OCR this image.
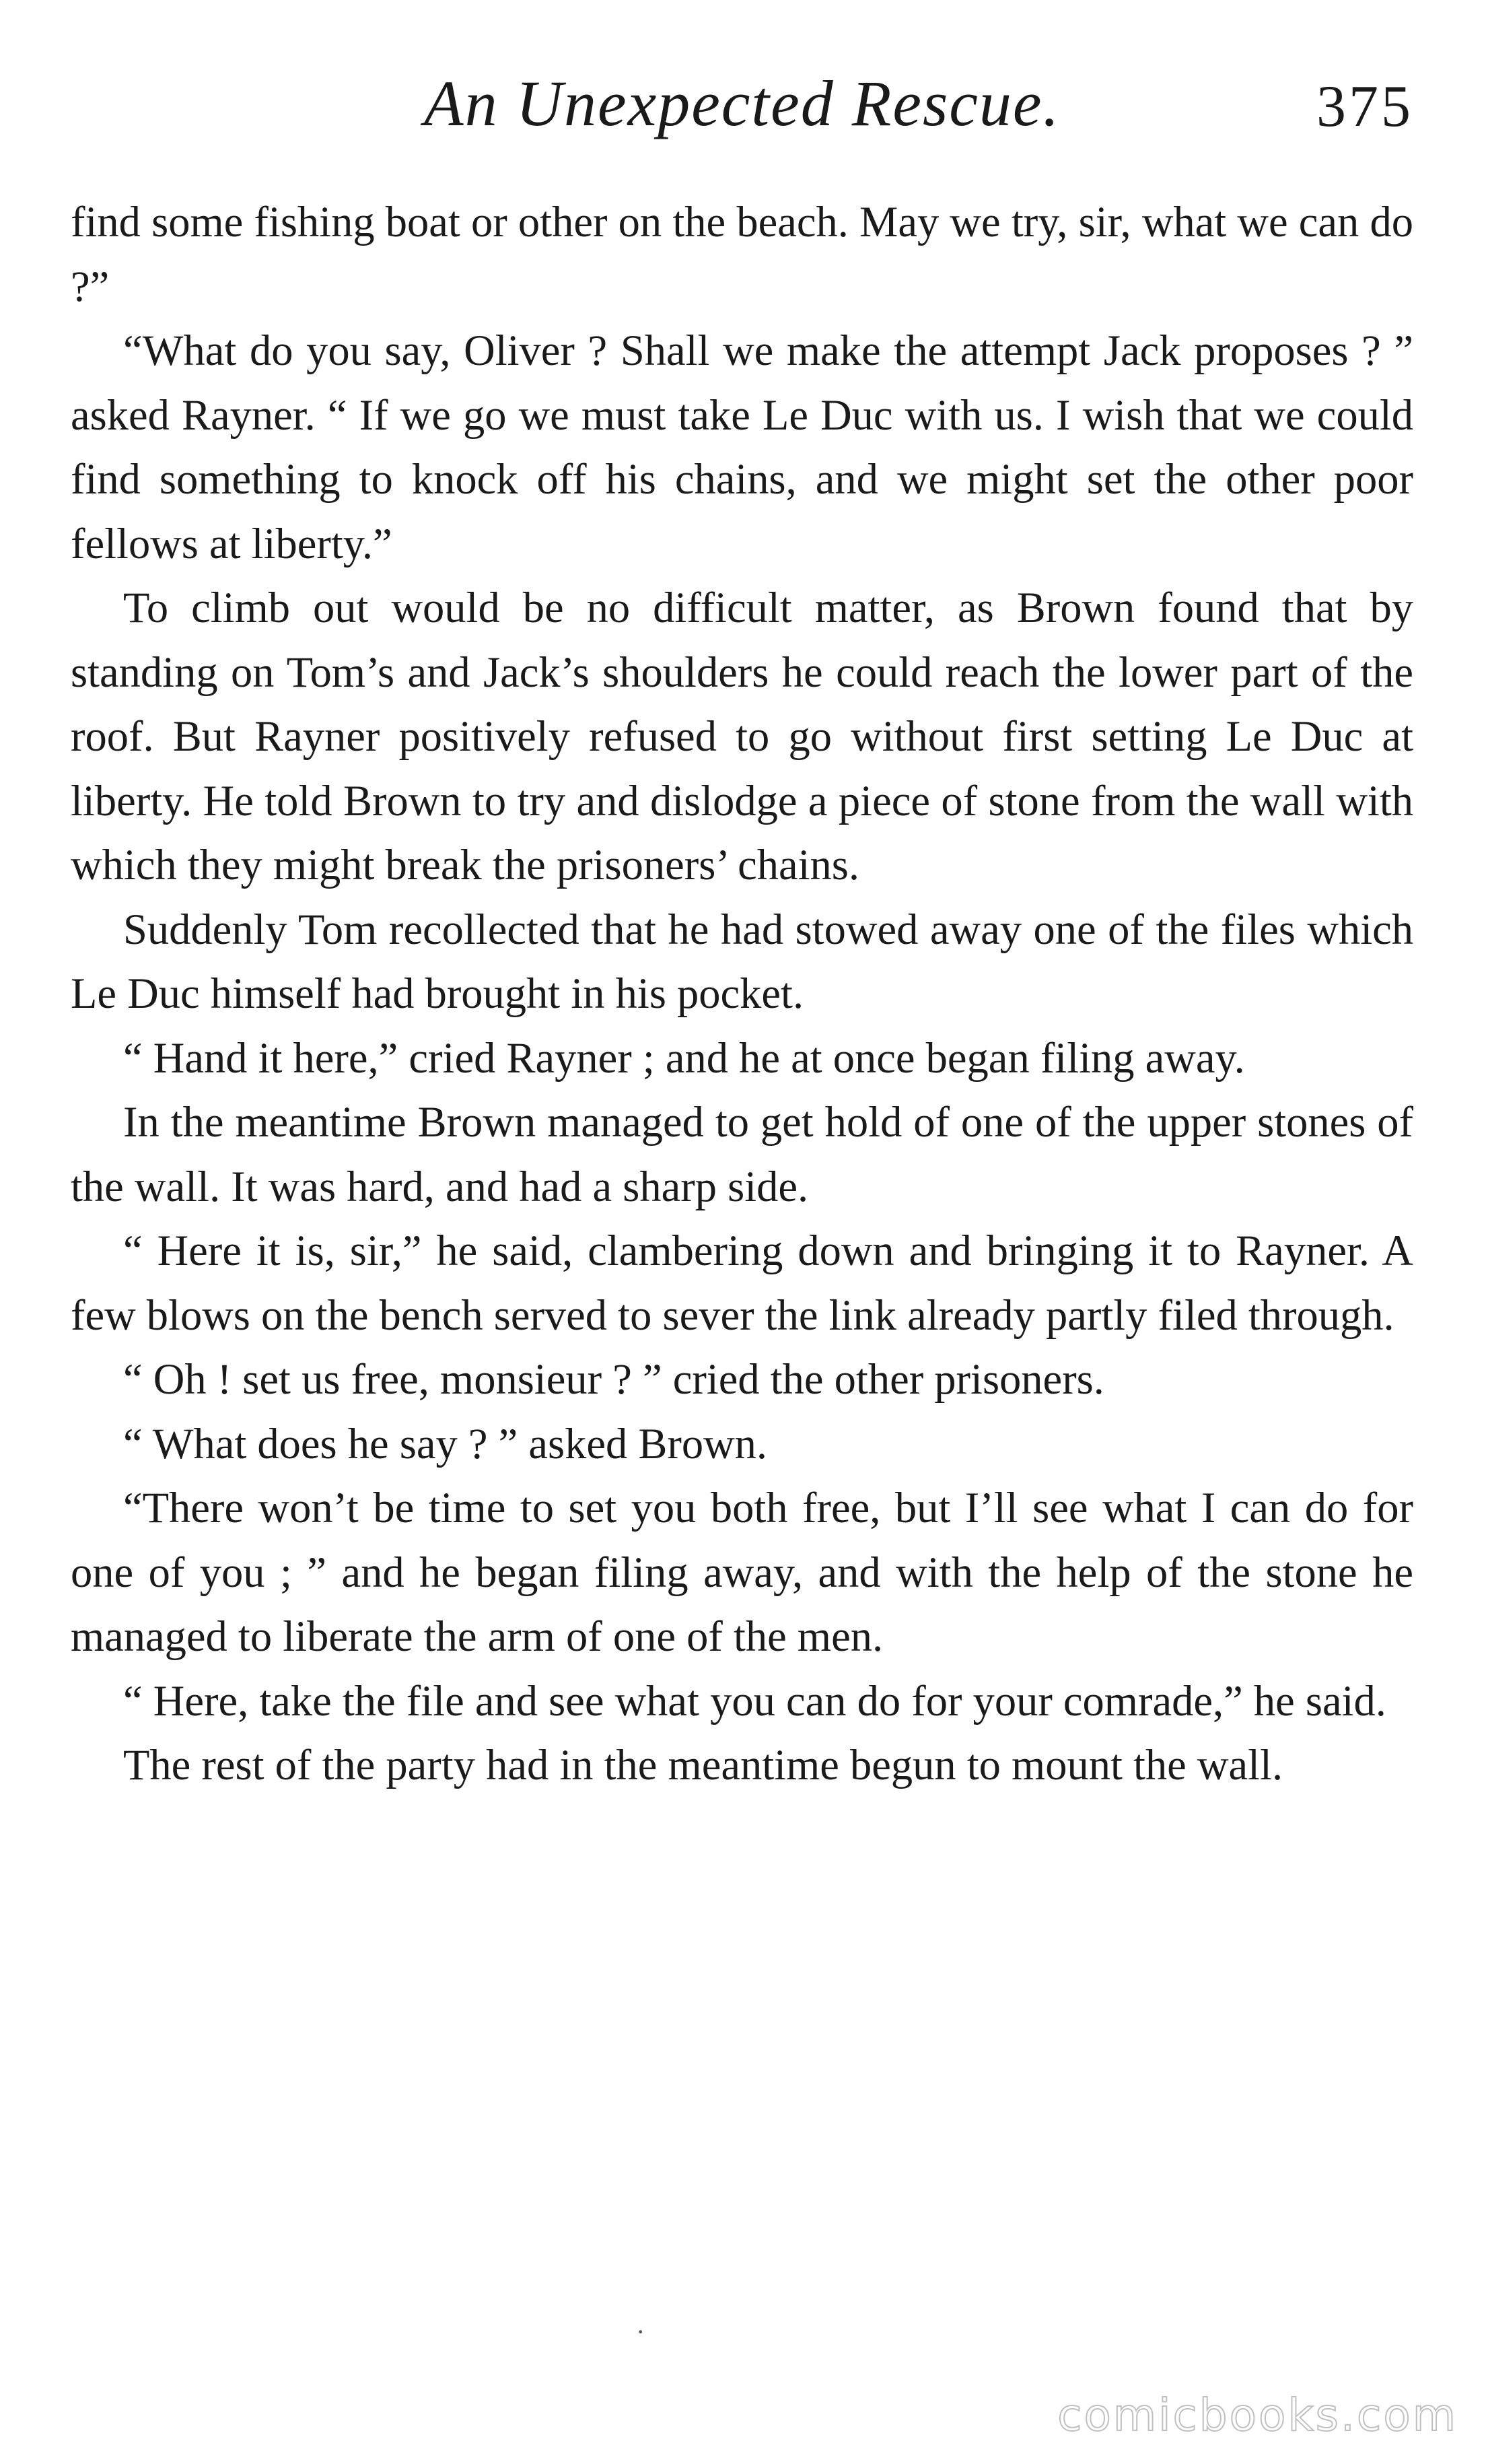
An Unexpected Rescue.	375

find some fishing boat or other on the beach. May we try, sir, what we can do ?”

“What do you say, Oliver ? Shall we make the attempt Jack proposes ? ” asked Rayner. “ If we go we must take Le Duc with us. I wish that we could find something to knock off his chains, and we might set the other poor fellows at liberty.”

To climb out would be no difficult matter, as Brown found that by standing on Tom’s and Jack’s shoulders he could reach the lower part of the roof. But Rayner positively refused to go without first setting Le Duc at liberty. He told Brown to try and dislodge a piece of stone from the wall with which they might break the prisoners’ chains.

Suddenly Tom recollected that he had stowed away one of the files which Le Duc himself had brought in his pocket.

“ Hand it here,” cried Rayner ; and he at once began filing away.

In the meantime Brown managed to get hold of one of the upper stones of the wall. It was hard, and had a sharp side.

“ Here it is, sir,” he said, clambering down and bringing it to Rayner. A few blows on the bench served to sever the link already partly filed through.

“ Oh ! set us free, monsieur ? ” cried the other prisoners.

“ What does he say ? ” asked Brown.

“There won’t be time to set you both free, but I’ll see what I can do for one of you ; ” and he began filing away, and with the help of the stone he managed to liberate the arm of one of the men.

“ Here, take the file and see what you can do for your comrade,” he said.

The rest of the party had in the meantime begun to mount the wall.

·
comicbooks.com
